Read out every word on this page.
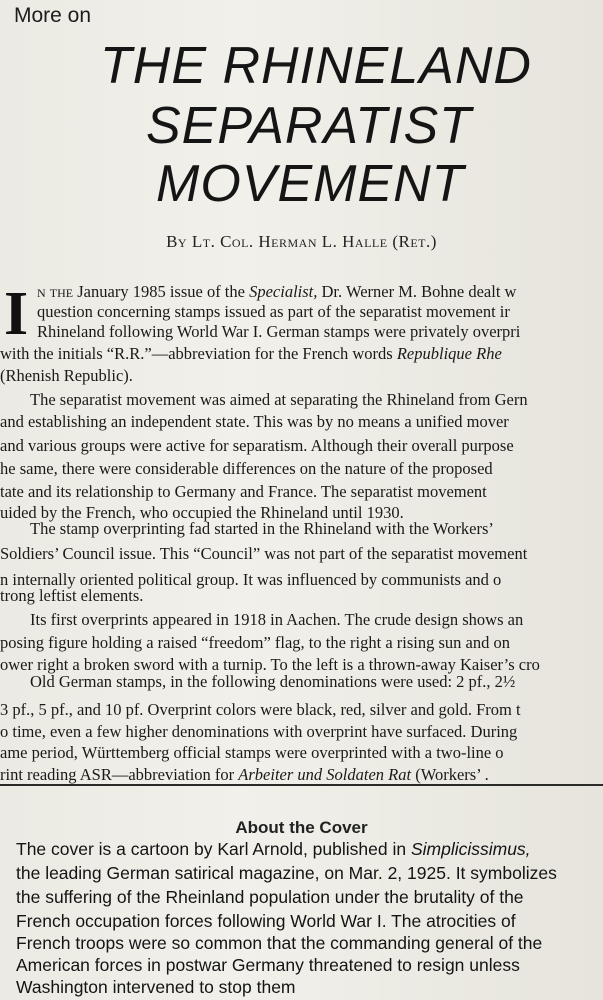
More on

THE RHINELAND
SEPARATIST
MOVEMENT

By Lt. Col. Herman L. Halle (Ret.)

I n the January 1985 issue of the Specialist, Dr. Werner M. Bohne dealt w

question concerning stamps issued as part of the separatist movement ir

Rhineland following World War I. German stamps were privately overpri

with the initials “R.R.”—abbreviation for the French words Republique Rhe

(Rhenish Republic).

The separatist movement was aimed at separating the Rhineland from Gern

and establishing an independent state. This was by no means a unified mover

and various groups were active for separatism. Although their overall purpose

he same, there were considerable differences on the nature of the proposed

tate and its relationship to Germany and France. The separatist movement

uided by the French, who occupied the Rhineland until 1930.

The stamp overprinting fad started in the Rhineland with the Workers’

Soldiers’ Council issue. This “Council” was not part of the separatist movement

n internally oriented political group. It was influenced by communists and o

trong leftist elements.

Its first overprints appeared in 1918 in Aachen. The crude design shows an

posing figure holding a raised “freedom” flag, to the right a rising sun and on

ower right a broken sword with a turnip. To the left is a thrown-away Kaiser’s cro

Old German stamps, in the following denominations were used: 2 pf., 2½

3 pf., 5 pf., and 10 pf. Overprint colors were black, red, silver and gold. From t

o time, even a few higher denominations with overprint have surfaced. During

ame period, Württemberg official stamps were overprinted with a two-line o

rint reading ASR—abbreviation for Arbeiter und Soldaten Rat (Workers’ .

About the Cover

The cover is a cartoon by Karl Arnold, published in Simplicissimus,

the leading German satirical magazine, on Mar. 2, 1925. It symbolizes

the suffering of the Rheinland population under the brutality of the

French occupation forces following World War I. The atrocities of

French troops were so common that the commanding general of the

American forces in postwar Germany threatened to resign unless

Washington intervened to stop them
